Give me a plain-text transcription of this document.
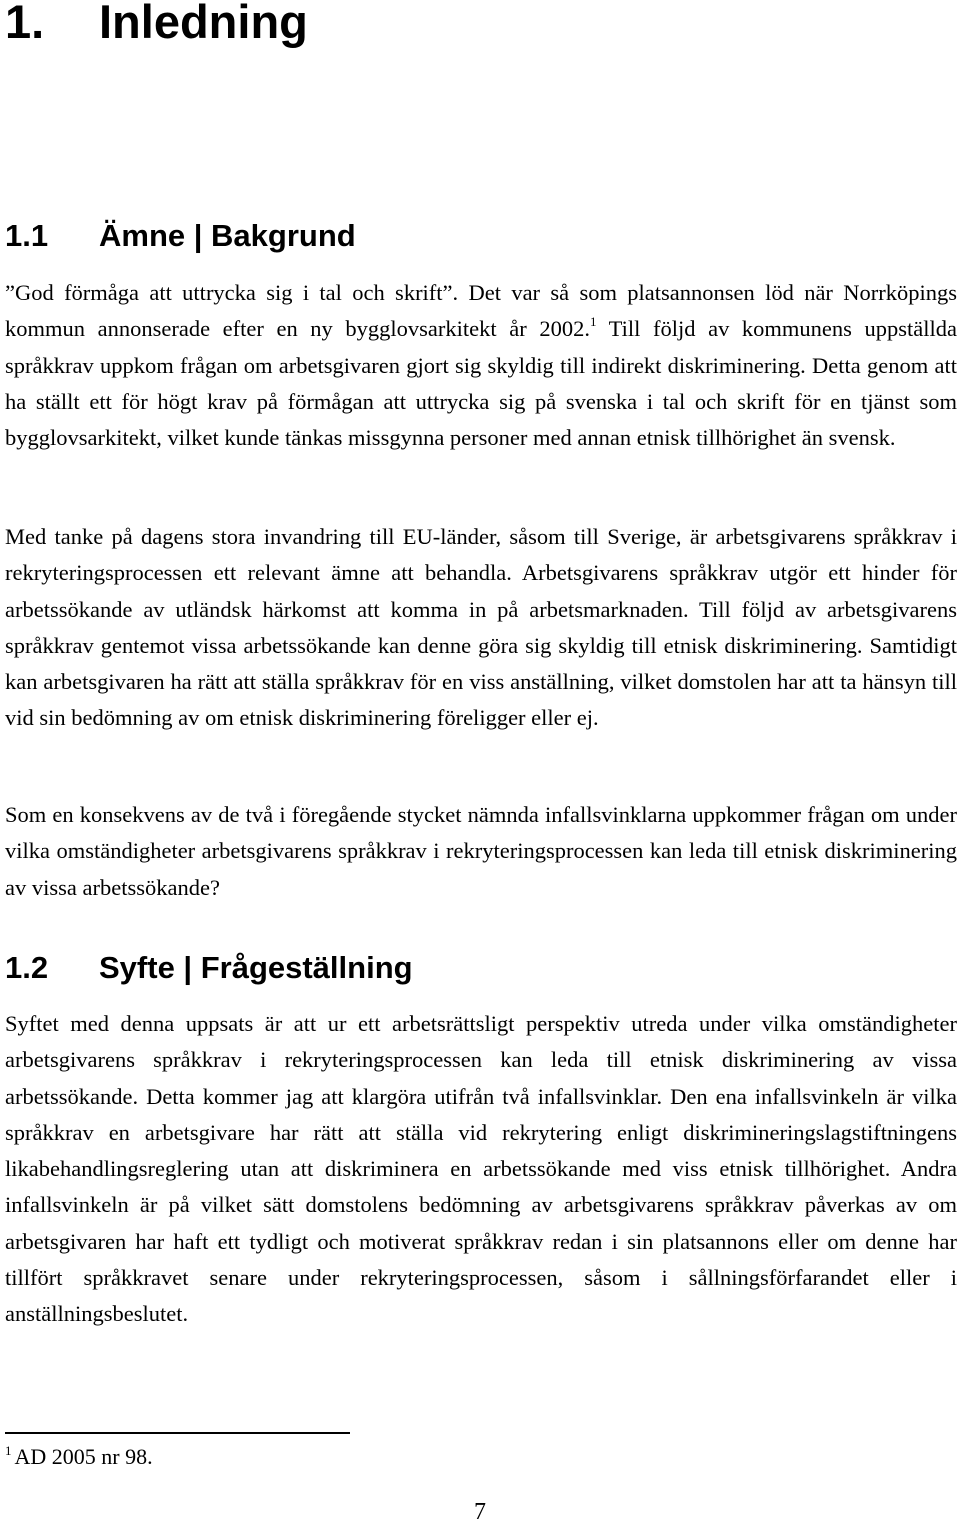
1. Inledning
1.1 Ämne | Bakgrund

”God förmåga att uttrycka sig i tal och skrift”. Det var så som platsannonsen löd när Norrköpings kommun annonserade efter en ny bygglovsarkitekt år 2002.$^1$ Till följd av kommunens uppställda språkkrav uppkom frågan om arbetsgivaren gjort sig skyldig till indirekt diskriminering. Detta genom att ha ställt ett för högt krav på förmågan att uttrycka sig på svenska i tal och skrift för en tjänst som bygglovsarkitekt, vilket kunde tänkas missgynna personer med annan etnisk tillhörighet än svensk.

Med tanke på dagens stora invandring till EU-länder, såsom till Sverige, är arbetsgivarens språkkrav i rekryteringsprocessen ett relevant ämne att behandla. Arbetsgivarens språkkrav utgör ett hinder för arbetssökande av utländsk härkomst att komma in på arbetsmarknaden. Till följd av arbetsgivarens språkkrav gentemot vissa arbetssökande kan denne göra sig skyldig till etnisk diskriminering. Samtidigt kan arbetsgivaren ha rätt att ställa språkkrav för en viss anställning, vilket domstolen har att ta hänsyn till vid sin bedömning av om etnisk diskriminering föreligger eller ej.

Som en konsekvens av de två i föregående stycket nämnda infallsvinklarna uppkommer frågan om under vilka omständigheter arbetsgivarens språkkrav i rekryteringsprocessen kan leda till etnisk diskriminering av vissa arbetssökande?

1.2 Syfte | Frågeställning

Syftet med denna uppsats är att ur ett arbetsrättsligt perspektiv utreda under vilka omständigheter arbetsgivarens språkkrav i rekryteringsprocessen kan leda till etnisk diskriminering av vissa arbetssökande. Detta kommer jag att klargöra utifrån två infallsvinklar. Den ena infallsvinkeln är vilka språkkrav en arbetsgivare har rätt att ställa vid rekrytering enligt diskrimineringslagstiftningens likabehandlingsreglering utan att diskriminera en arbetssökande med viss etnisk tillhörighet. Andra infallsvinkeln är på vilket sätt domstolens bedömning av arbetsgivarens språkkrav påverkas av om arbetsgivaren har haft ett tydligt och motiverat språkkrav redan i sin platsannons eller om denne har tillfört språkkravet senare under rekryteringsprocessen, såsom i sållningsförfarandet eller i anställningsbeslutet.

$^1$ AD 2005 nr 98.
7
